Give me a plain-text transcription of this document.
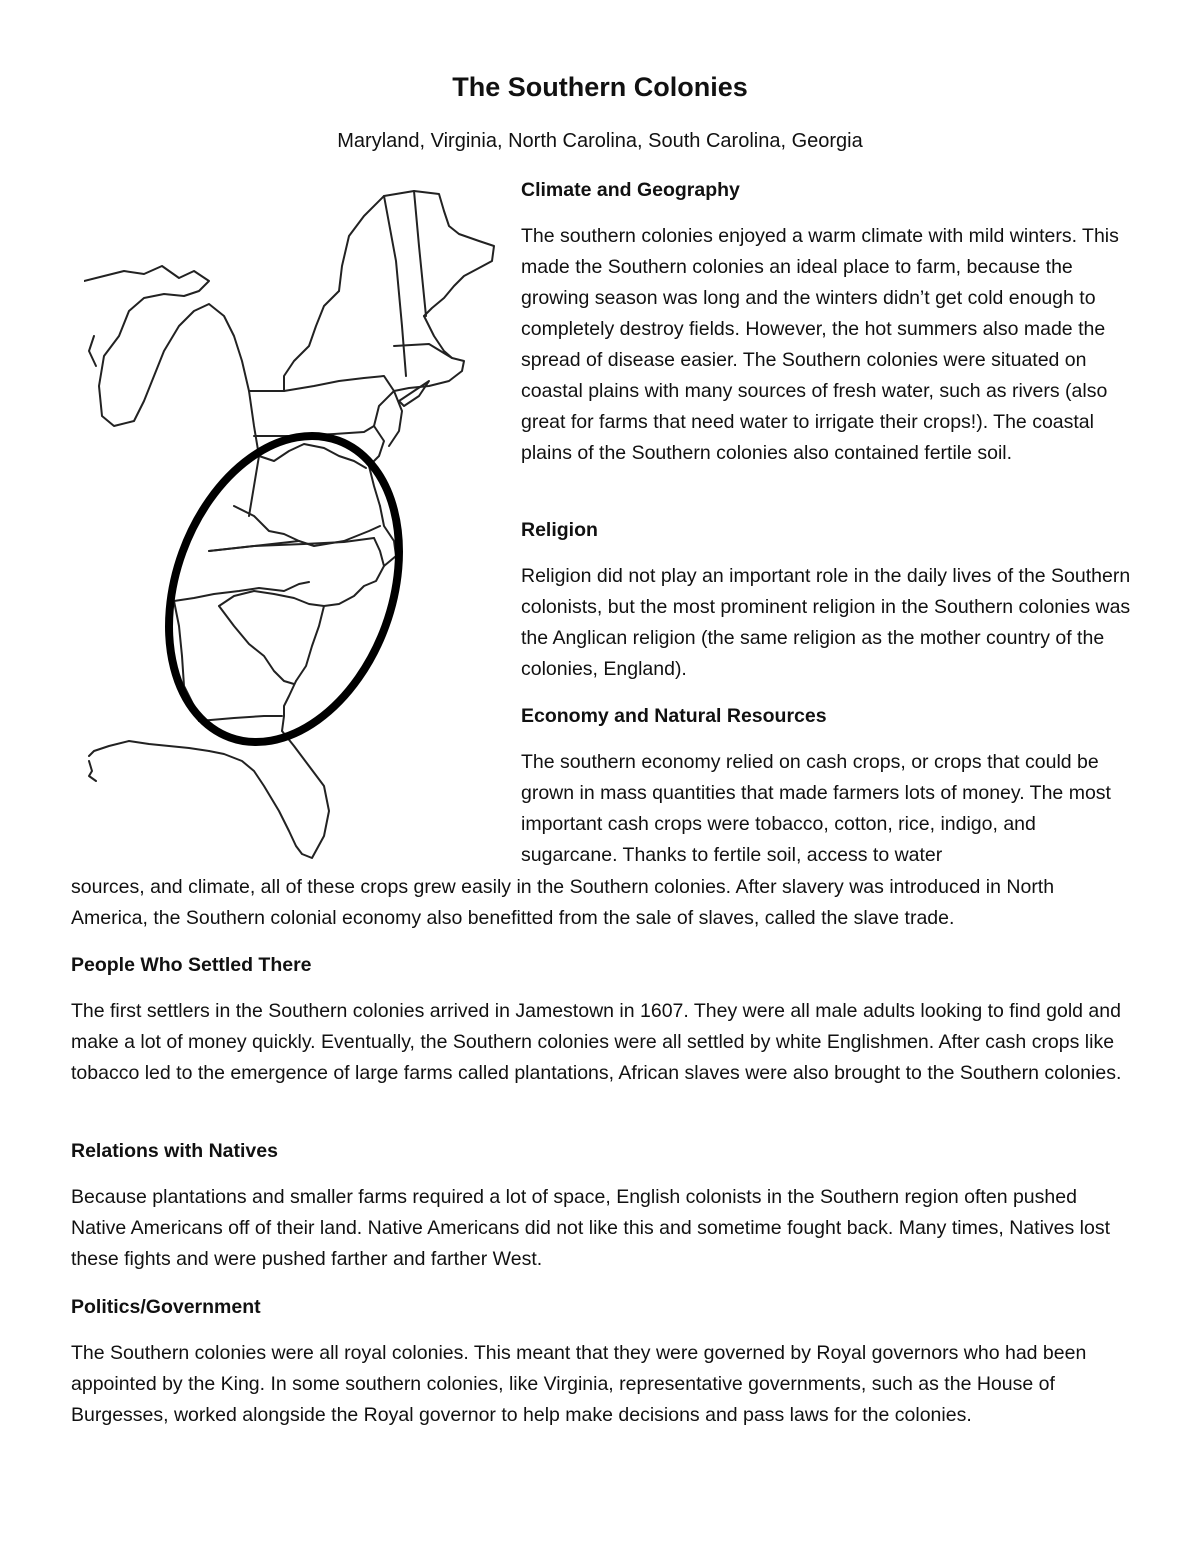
The Southern Colonies

Maryland, Virginia, North Carolina, South Carolina, Georgia

Climate and Geography

The southern colonies enjoyed a warm climate with mild winters. This made the Southern colonies an ideal place to farm, because the growing season was long and the winters didn’t get cold enough to completely destroy fields. However, the hot summers also made the spread of disease easier. The Southern colonies were situated on coastal plains with many sources of fresh water, such as rivers (also great for farms that need water to irrigate their crops!). The coastal plains of the Southern colonies also contained fertile soil.

Religion

Religion did not play an important role in the daily lives of the Southern colonists, but the most prominent religion in the Southern colonies was the Anglican religion (the same religion as the mother country of the colonies, England).

Economy and Natural Resources

The southern economy relied on cash crops, or crops that could be grown in mass quantities that made farmers lots of money. The most important cash crops were tobacco, cotton, rice, indigo, and sugarcane. Thanks to fertile soil, access to water

sources, and climate, all of these crops grew easily in the Southern colonies. After slavery was introduced in North America, the Southern colonial economy also benefitted from the sale of slaves, called the slave trade.

People Who Settled There

The first settlers in the Southern colonies arrived in Jamestown in 1607. They were all male adults looking to find gold and make a lot of money quickly. Eventually, the Southern colonies were all settled by white Englishmen. After cash crops like tobacco led to the emergence of large farms called plantations, African slaves were also brought to the Southern colonies.

Relations with Natives

Because plantations and smaller farms required a lot of space, English colonists in the Southern region often pushed Native Americans off of their land. Native Americans did not like this and sometime fought back. Many times, Natives lost these fights and were pushed farther and farther West.

Politics/Government

The Southern colonies were all royal colonies. This meant that they were governed by Royal governors who had been appointed by the King. In some southern colonies, like Virginia, representative governments, such as the House of Burgesses, worked alongside the Royal governor to help make decisions and pass laws for the colonies.
